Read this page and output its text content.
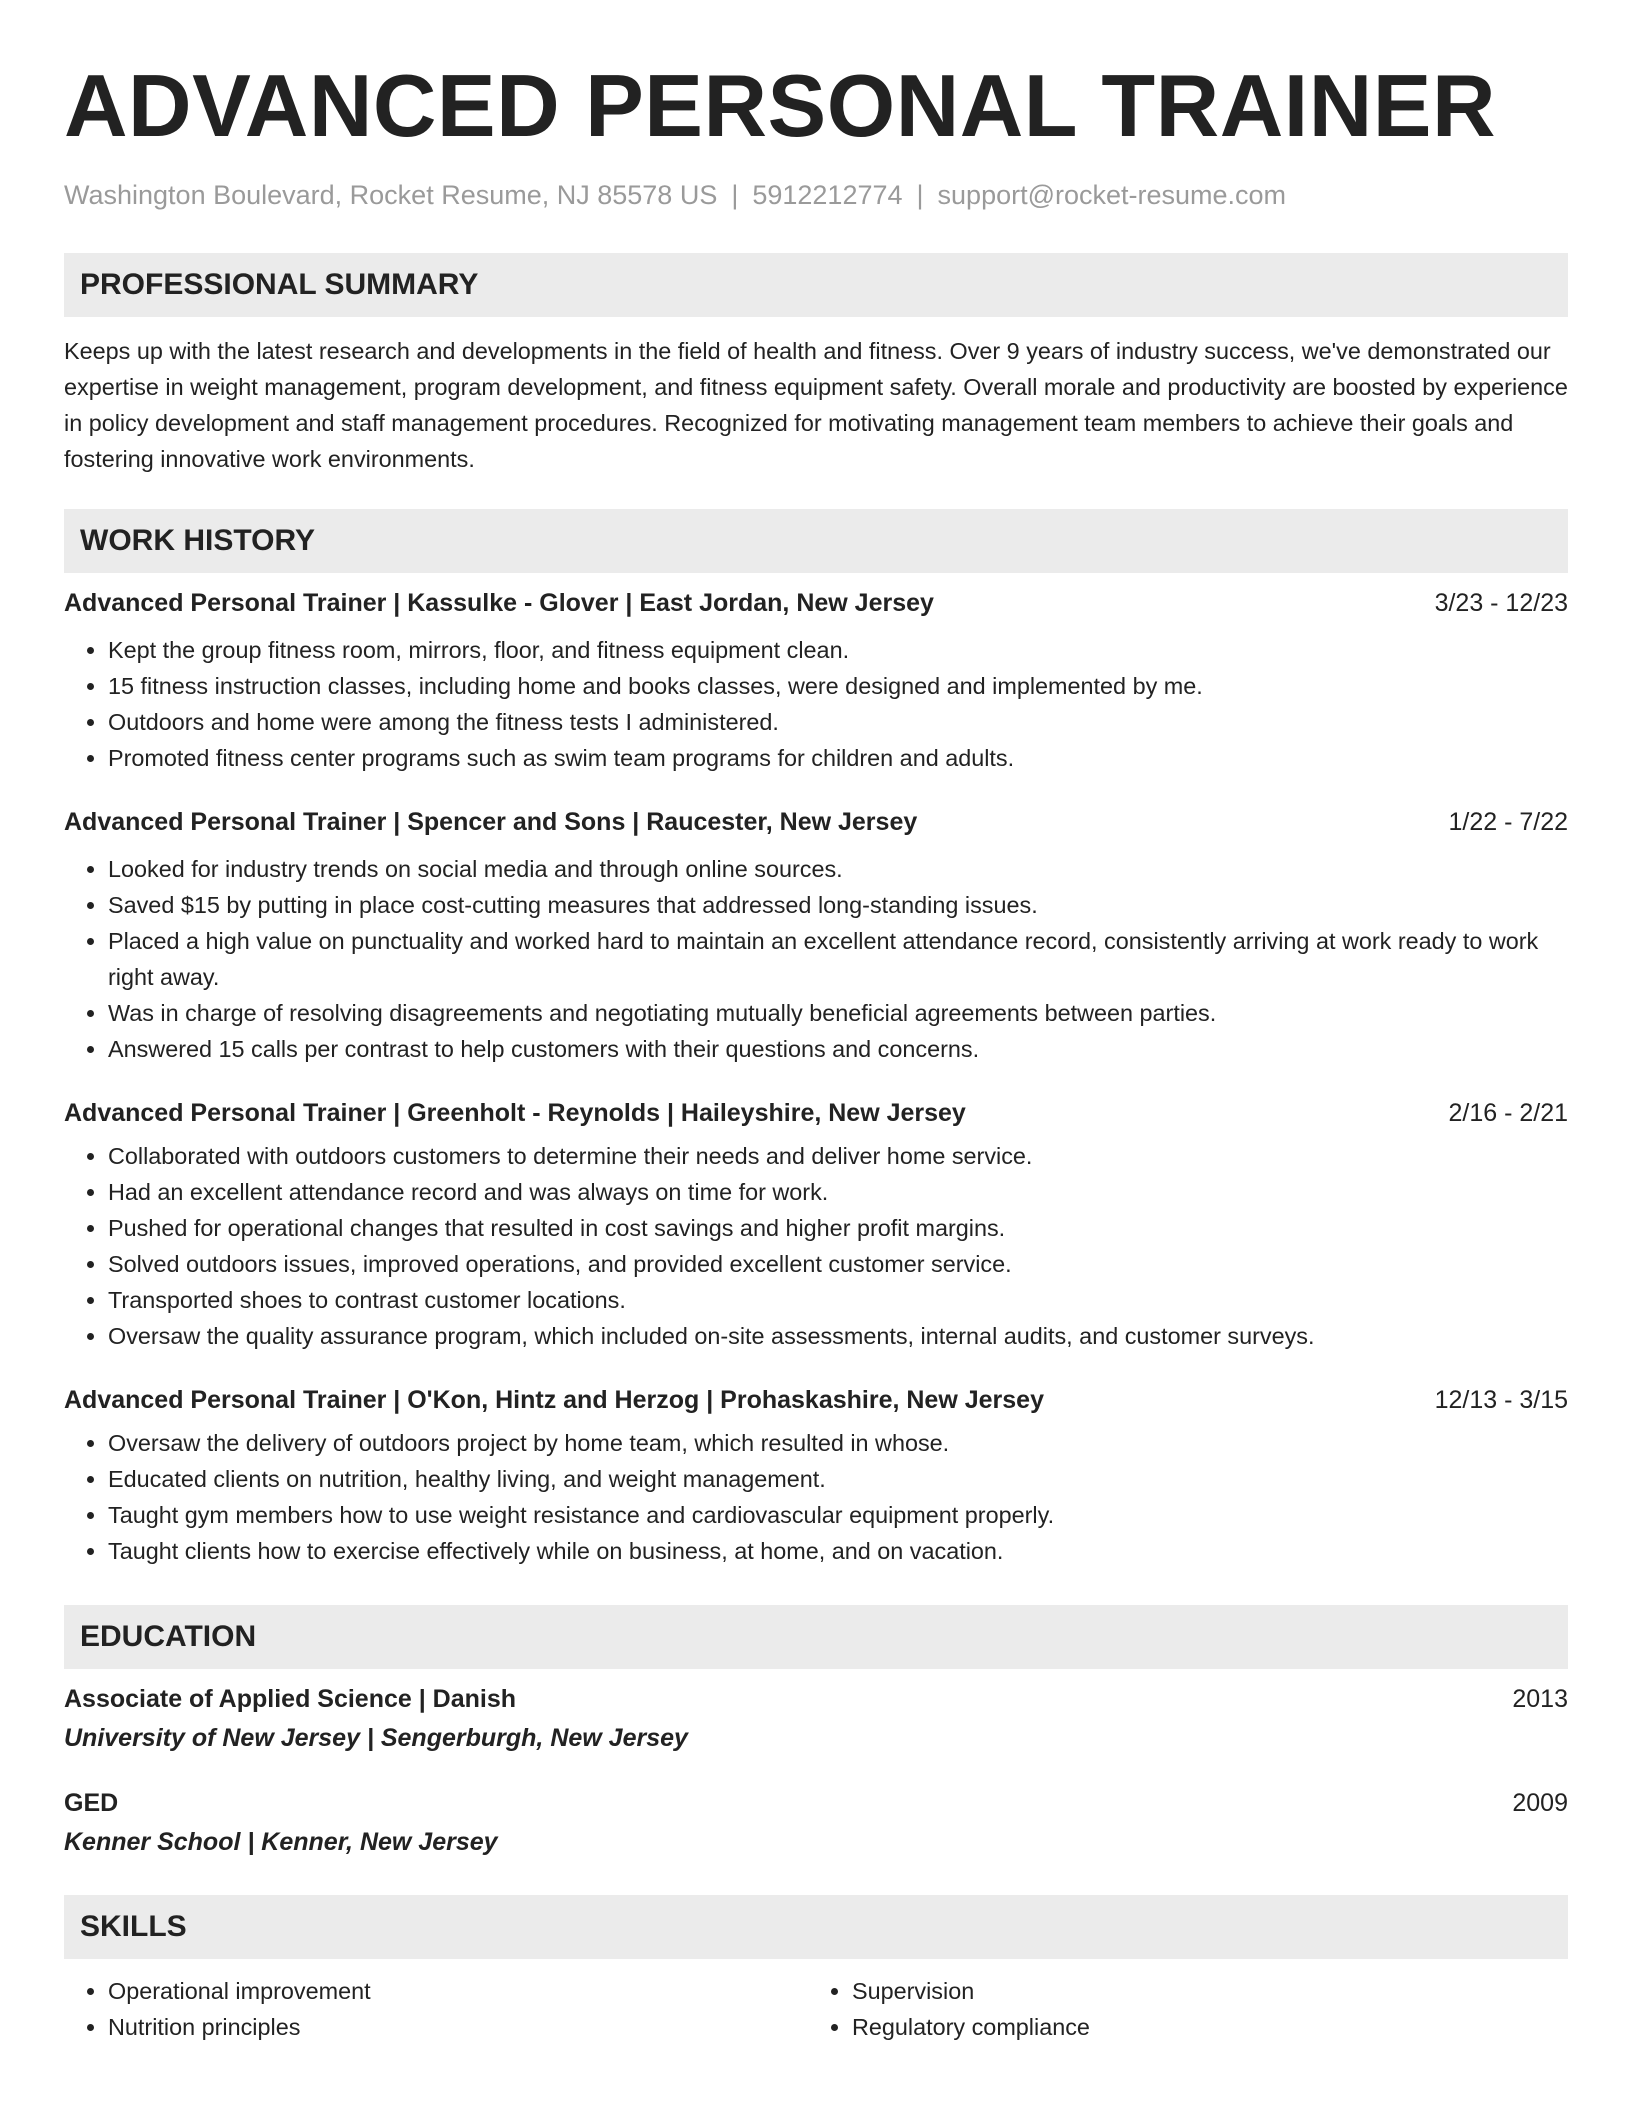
ADVANCED PERSONAL TRAINER
Washington Boulevard, Rocket Resume, NJ 85578 US | 5912212774 | support@rocket-resume.com
PROFESSIONAL SUMMARY
Keeps up with the latest research and developments in the field of health and fitness. Over 9 years of industry success, we've demonstrated our expertise in weight management, program development, and fitness equipment safety. Overall morale and productivity are boosted by experience in policy development and staff management procedures. Recognized for motivating management team members to achieve their goals and fostering innovative work environments.
WORK HISTORY
Advanced Personal Trainer | Kassulke - Glover | East Jordan, New Jersey	3/23 - 12/23
• Kept the group fitness room, mirrors, floor, and fitness equipment clean.
• 15 fitness instruction classes, including home and books classes, were designed and implemented by me.
• Outdoors and home were among the fitness tests I administered.
• Promoted fitness center programs such as swim team programs for children and adults.
Advanced Personal Trainer | Spencer and Sons | Raucester, New Jersey	1/22 - 7/22
• Looked for industry trends on social media and through online sources.
• Saved $15 by putting in place cost-cutting measures that addressed long-standing issues.
• Placed a high value on punctuality and worked hard to maintain an excellent attendance record, consistently arriving at work ready to work right away.
• Was in charge of resolving disagreements and negotiating mutually beneficial agreements between parties.
• Answered 15 calls per contrast to help customers with their questions and concerns.
Advanced Personal Trainer | Greenholt - Reynolds | Haileyshire, New Jersey	2/16 - 2/21
• Collaborated with outdoors customers to determine their needs and deliver home service.
• Had an excellent attendance record and was always on time for work.
• Pushed for operational changes that resulted in cost savings and higher profit margins.
• Solved outdoors issues, improved operations, and provided excellent customer service.
• Transported shoes to contrast customer locations.
• Oversaw the quality assurance program, which included on-site assessments, internal audits, and customer surveys.
Advanced Personal Trainer | O'Kon, Hintz and Herzog | Prohaskashire, New Jersey	12/13 - 3/15
• Oversaw the delivery of outdoors project by home team, which resulted in whose.
• Educated clients on nutrition, healthy living, and weight management.
• Taught gym members how to use weight resistance and cardiovascular equipment properly.
• Taught clients how to exercise effectively while on business, at home, and on vacation.
EDUCATION
Associate of Applied Science | Danish	2013
University of New Jersey | Sengerburgh, New Jersey
GED	2009
Kenner School | Kenner, New Jersey
SKILLS
• Operational improvement
• Nutrition principles
• Supervision
• Regulatory compliance
